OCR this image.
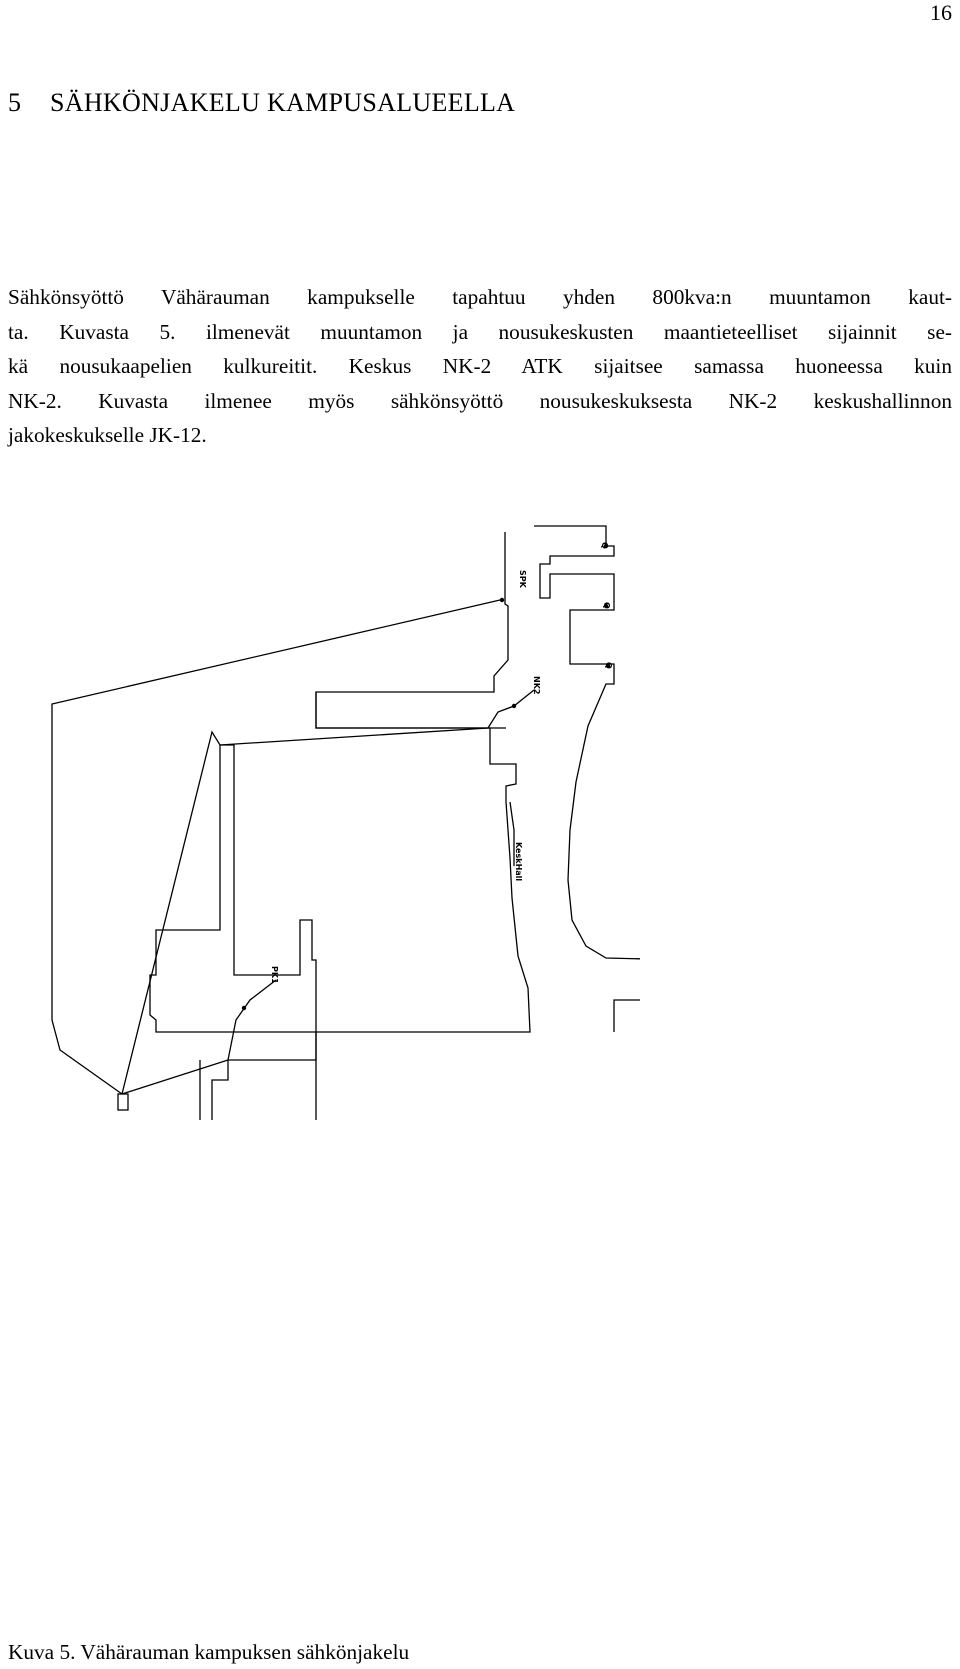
16
5 SÄHKÖNJAKELU KAMPUSALUEELLA

Sähkönsyöttö Vähärauman kampukselle tapahtuu yhden 800kva:n muuntamon kaut-
ta. Kuvasta 5. ilmenevät muuntamon ja nousukeskusten maantieteelliset sijainnit se-
kä nousukaapelien kulkureitit. Keskus NK-2 ATK sijaitsee samassa huoneessa kuin
NK-2. Kuvasta ilmenee myös sähkönsyöttö nousukeskuksesta NK-2 keskushallinnon
jakokeskukselle JK-12.

SPK
NK2
KeskHall
PK1
Q
Q
Q

Kuva 5. Vähärauman kampuksen sähkönjakelu
